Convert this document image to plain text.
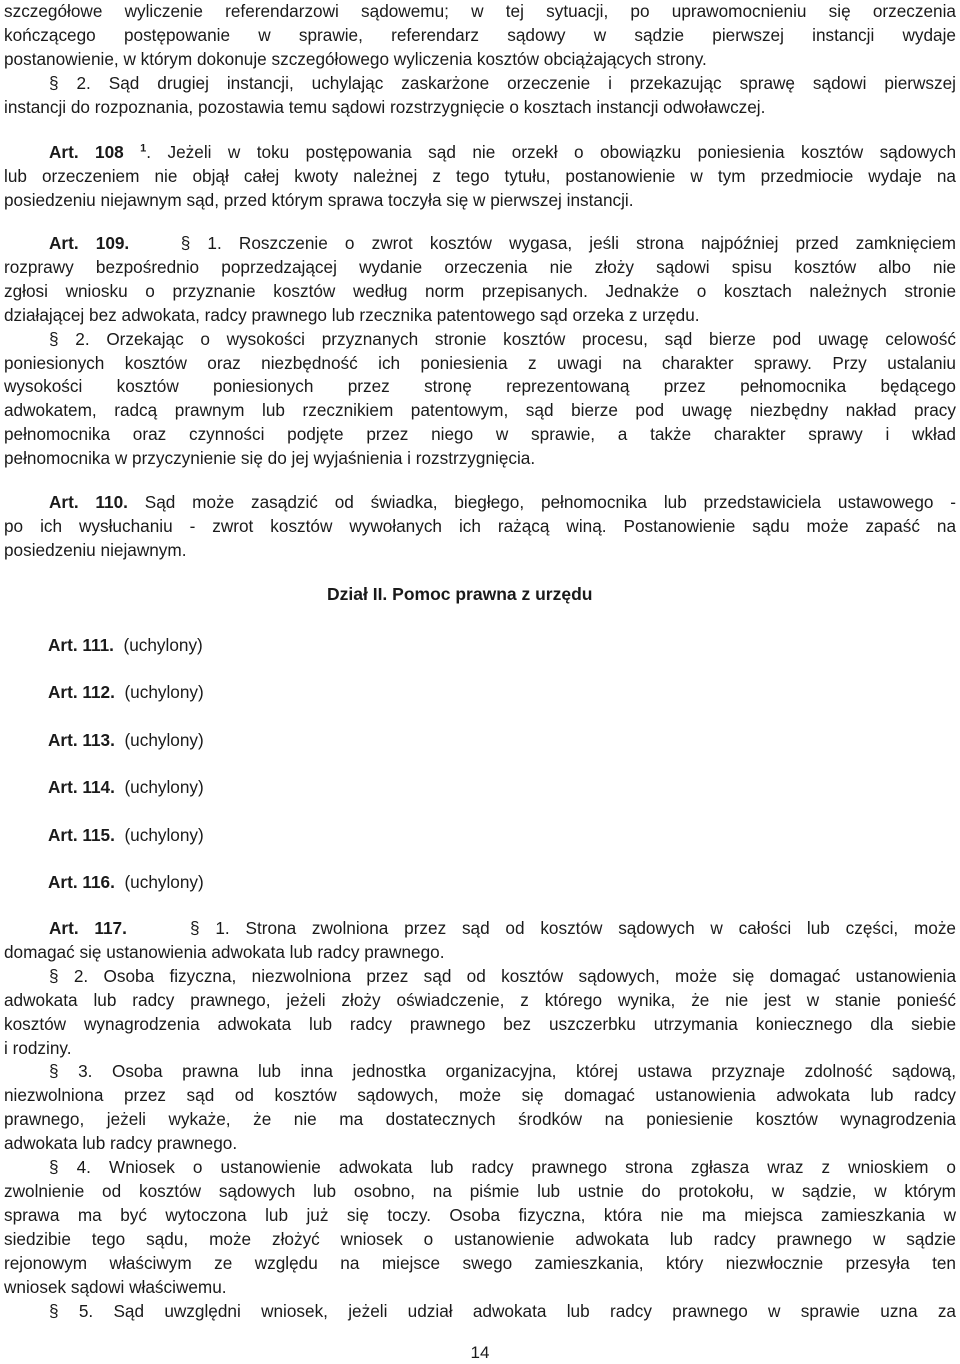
szczegółowe wyliczenie referendarzowi sądowemu; w tej sytuacji, po uprawomocnieniu się orzeczenia
kończącego postępowanie w sprawie, referendarz sądowy w sądzie pierwszej instancji wydaje
postanowienie, w którym dokonuje szczegółowego wyliczenia kosztów obciążających strony.
§ 2. Sąd drugiej instancji, uchylając zaskarżone orzeczenie i przekazując sprawę sądowi pierwszej
instancji do rozpoznania, pozostawia temu sądowi rozstrzygnięcie o kosztach instancji odwoławczej.
Art. 108 $^1$. Jeżeli w toku postępowania sąd nie orzekł o obowiązku poniesienia kosztów sądowych
lub orzeczeniem nie objął całej kwoty należnej z tego tytułu, postanowienie w tym przedmiocie wydaje na
posiedzeniu niejawnym sąd, przed którym sprawa toczyła się w pierwszej instancji.
Art. 109.	§ 1. Roszczenie o zwrot kosztów wygasa, jeśli strona najpóźniej przed zamknięciem
rozprawy bezpośrednio poprzedzającej wydanie orzeczenia nie złoży sądowi spisu kosztów albo nie
zgłosi wniosku o przyznanie kosztów według norm przepisanych. Jednakże o kosztach należnych stronie
działającej bez adwokata, radcy prawnego lub rzecznika patentowego sąd orzeka z urzędu.
§ 2. Orzekając o wysokości przyznanych stronie kosztów procesu, sąd bierze pod uwagę celowość
poniesionych kosztów oraz niezbędność ich poniesienia z uwagi na charakter sprawy. Przy ustalaniu
wysokości kosztów poniesionych przez stronę reprezentowaną przez pełnomocnika będącego
adwokatem, radcą prawnym lub rzecznikiem patentowym, sąd bierze pod uwagę niezbędny nakład pracy
pełnomocnika oraz czynności podjęte przez niego w sprawie, a także charakter sprawy i wkład
pełnomocnika w przyczynienie się do jej wyjaśnienia i rozstrzygnięcia.
Art. 110. Sąd może zasądzić od świadka, biegłego, pełnomocnika lub przedstawiciela ustawowego -
po ich wysłuchaniu - zwrot kosztów wywołanych ich rażącą winą. Postanowienie sądu może zapaść na
posiedzeniu niejawnym.
Dział II. Pomoc prawna z urzędu
Art. 111. (uchylony)
Art. 112. (uchylony)
Art. 113. (uchylony)
Art. 114. (uchylony)
Art. 115. (uchylony)
Art. 116. (uchylony)
Art. 117.	§ 1. Strona zwolniona przez sąd od kosztów sądowych w całości lub części, może
domagać się ustanowienia adwokata lub radcy prawnego.
§ 2. Osoba fizyczna, niezwolniona przez sąd od kosztów sądowych, może się domagać ustanowienia
adwokata lub radcy prawnego, jeżeli złoży oświadczenie, z którego wynika, że nie jest w stanie ponieść
kosztów wynagrodzenia adwokata lub radcy prawnego bez uszczerbku utrzymania koniecznego dla siebie
i rodziny.
§ 3. Osoba prawna lub inna jednostka organizacyjna, której ustawa przyznaje zdolność sądową,
niezwolniona przez sąd od kosztów sądowych, może się domagać ustanowienia adwokata lub radcy
prawnego, jeżeli wykaże, że nie ma dostatecznych środków na poniesienie kosztów wynagrodzenia
adwokata lub radcy prawnego.
§ 4. Wniosek o ustanowienie adwokata lub radcy prawnego strona zgłasza wraz z wnioskiem o
zwolnienie od kosztów sądowych lub osobno, na piśmie lub ustnie do protokołu, w sądzie, w którym
sprawa ma być wytoczona lub już się toczy. Osoba fizyczna, która nie ma miejsca zamieszkania w
siedzibie tego sądu, może złożyć wniosek o ustanowienie adwokata lub radcy prawnego w sądzie
rejonowym właściwym ze względu na miejsce swego zamieszkania, który niezwłocznie przesyła ten
wniosek sądowi właściwemu.
§ 5. Sąd uwzględni wniosek, jeżeli udział adwokata lub radcy prawnego w sprawie uzna za
14
